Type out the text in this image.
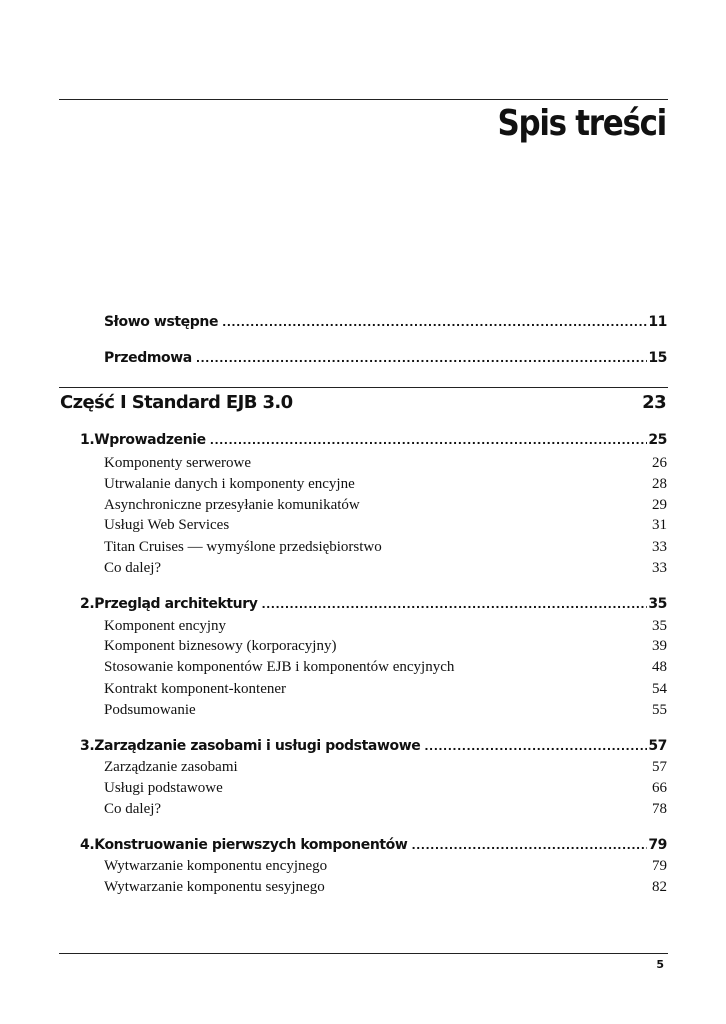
Spis treści
Słowo wstępne .....	11
Przedmowa .....	15
Część I Standard EJB 3.0	23
1. Wprowadzenie .....	25
Komponenty serwerowe	26
Utrwalanie danych i komponenty encyjne	28
Asynchroniczne przesyłanie komunikatów	29
Usługi Web Services	31
Titan Cruises — wymyślone przedsiębiorstwo	33
Co dalej?	33
2. Przegląd architektury .....	35
Komponent encyjny	35
Komponent biznesowy (korporacyjny)	39
Stosowanie komponentów EJB i komponentów encyjnych	48
Kontrakt komponent-kontener	54
Podsumowanie	55
3. Zarządzanie zasobami i usługi podstawowe .....	57
Zarządzanie zasobami	57
Usługi podstawowe	66
Co dalej?	78
4. Konstruowanie pierwszych komponentów .....	79
Wytwarzanie komponentu encyjnego	79
Wytwarzanie komponentu sesyjnego	82
5
